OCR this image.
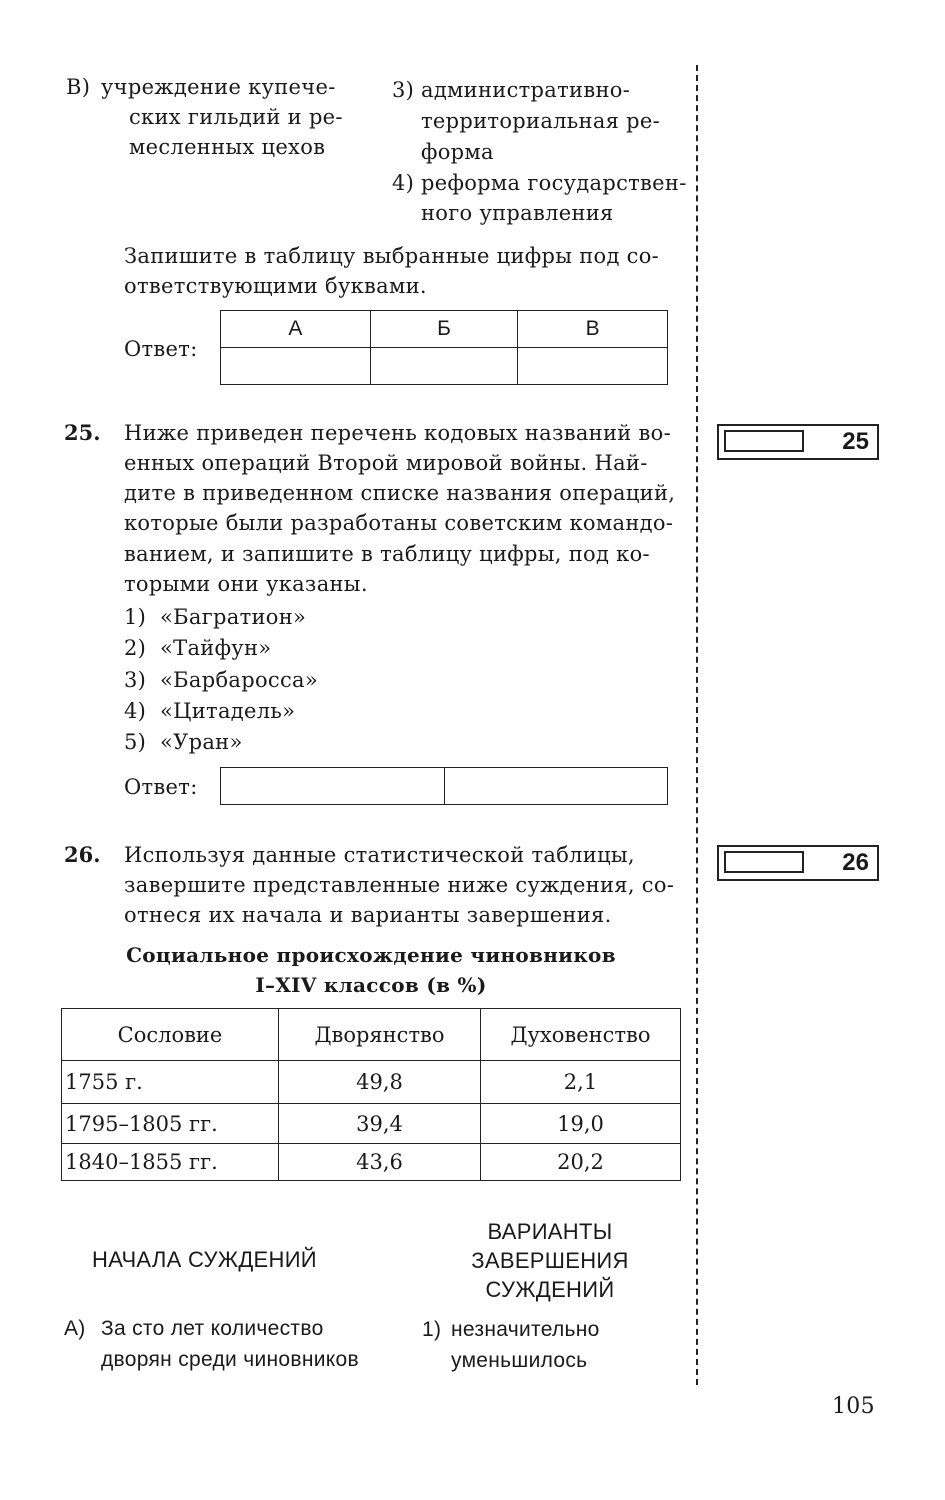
В) учреждение купече-
ских гильдий и ре-
месленных цехов
3) административно-
территориальная ре-
форма
4) реформа государствен-
ного управления
Запишите в таблицу выбранные цифры под со-
ответствующими буквами.
Ответ:
А	Б	В

25. Ниже приведен перечень кодовых названий во-
енных операций Второй мировой войны. Най-
дите в приведенном списке названия операций,
которые были разработаны советским командо-
ванием, и запишите в таблицу цифры, под ко-
торыми они указаны.
1) «Багратион»
2) «Тайфун»
3) «Барбаросса»
4) «Цитадель»
5) «Уран»
Ответ:

25
26. Используя данные статистической таблицы,
завершите представленные ниже суждения, со-
отнеся их начала и варианты завершения.
26
Социальное происхождение чиновников
I–XIV классов (в %)
Сословие	Дворянство	Духовенство
1755 г.	49,8	2,1
1795–1805 гг.	39,4	19,0
1840–1855 гг.	43,6	20,2
НАЧАЛА СУЖДЕНИЙ
ВАРИАНТЫ
ЗАВЕРШЕНИЯ
СУЖДЕНИЙ
А) За сто лет количество
дворян среди чиновников
1) незначительно
уменьшилось
105
